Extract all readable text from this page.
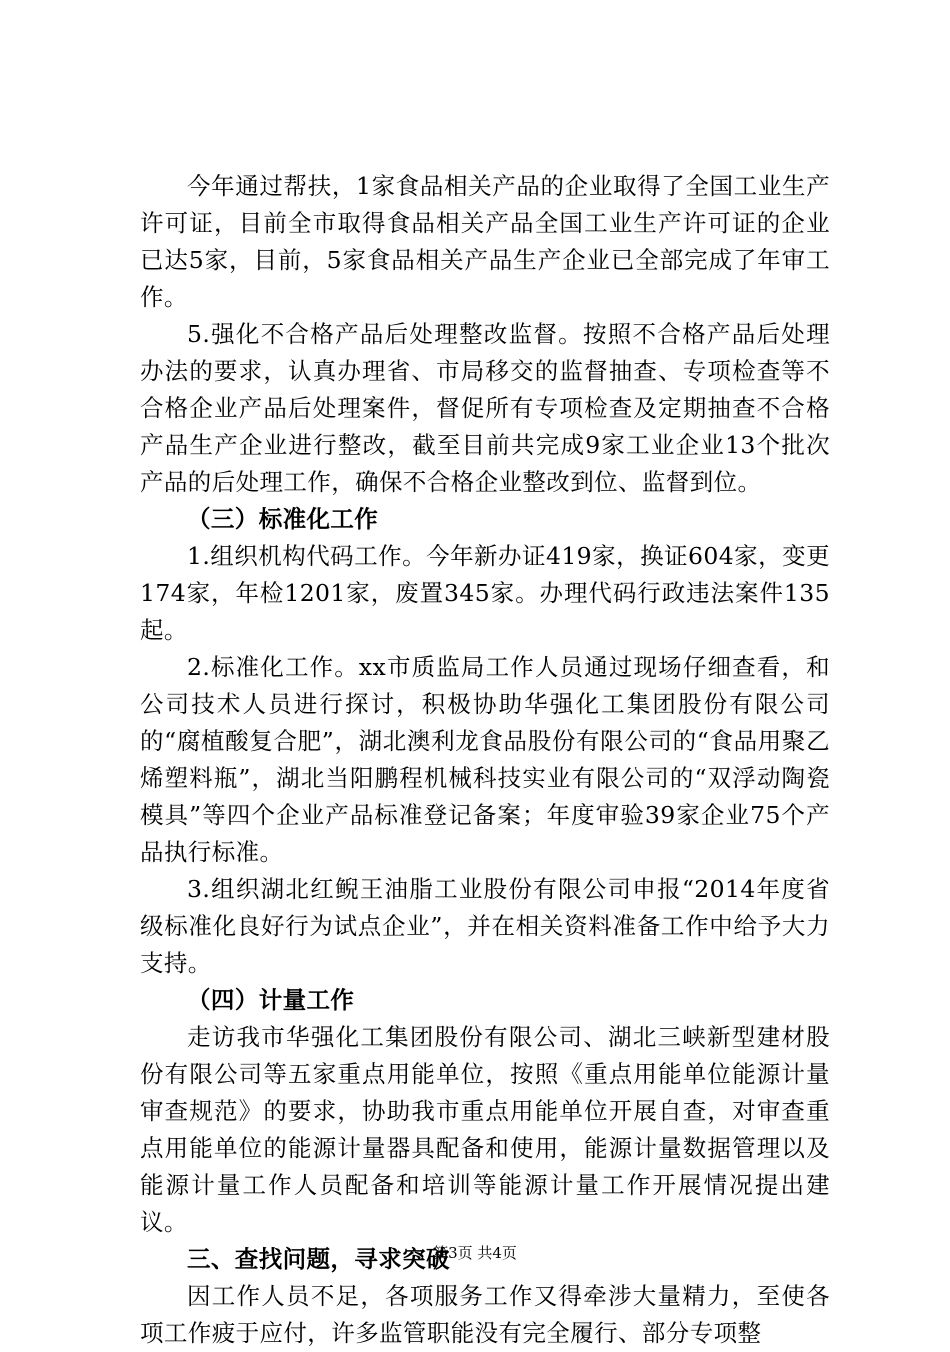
今年通过帮扶，1家食品相关产品的企业取得了全国工业生产许可证，目前全市取得食品相关产品全国工业生产许可证的企业已达5家，目前，5家食品相关产品生产企业已全部完成了年审工作。

5.强化不合格产品后处理整改监督。按照不合格产品后处理办法的要求，认真办理省、市局移交的监督抽查、专项检查等不合格企业产品后处理案件，督促所有专项检查及定期抽查不合格产品生产企业进行整改，截至目前共完成9家工业企业13个批次产品的后处理工作，确保不合格企业整改到位、监督到位。

（三）标准化工作

1.组织机构代码工作。今年新办证419家，换证604家，变更174家，年检1201家，废置345家。办理代码行政违法案件135起。

2.标准化工作。xx市质监局工作人员通过现场仔细查看，和公司技术人员进行探讨，积极协助华强化工集团股份有限公司的“腐植酸复合肥”，湖北澳利龙食品股份有限公司的“食品用聚乙烯塑料瓶”，湖北当阳鹏程机械科技实业有限公司的“双浮动陶瓷模具”等四个企业产品标准登记备案；年度审验39家企业75个产品执行标准。

3.组织湖北红鲵王油脂工业股份有限公司申报“2014年度省级标准化良好行为试点企业”，并在相关资料准备工作中给予大力支持。

（四）计量工作

走访我市华强化工集团股份有限公司、湖北三峡新型建材股份有限公司等五家重点用能单位，按照《重点用能单位能源计量审查规范》的要求，协助我市重点用能单位开展自查，对审查重点用能单位的能源计量器具配备和使用，能源计量数据管理以及能源计量工作人员配备和培训等能源计量工作开展情况提出建议。

三、查找问题，寻求突破

因工作人员不足，各项服务工作又得牵涉大量精力，至使各项工作疲于应付，许多监管职能没有完全履行、部分专项整

第3页 共4页
